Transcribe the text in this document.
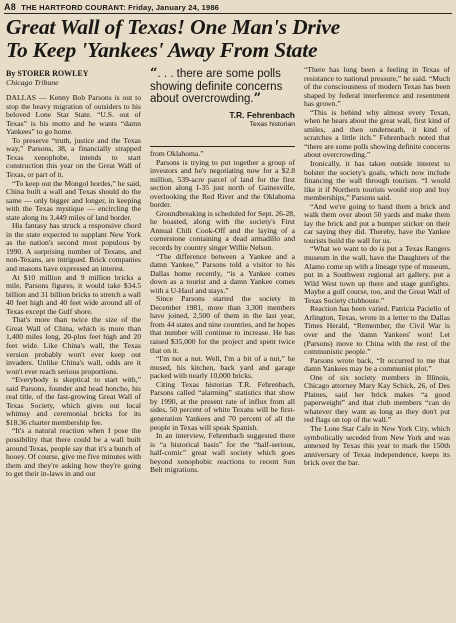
A8 THE HARTFORD COURANT: Friday, January 24, 1986
Great Wall of Texas! One Man's Drive
To Keep 'Yankees' Away From State
By STORER ROWLEY
Chicago Tribune

DALLAS — Kenny Bob Parsons is out to stop the heavy migration of outsiders to his beloved Lone Star State. “U.S. out of Texas” is his motto and he wants “damn Yankees” to go home.

To preserve “truth, justice and the Texas way,” Parsons, 38, a financially strapped Texas xenophobe, intends to start construction this year on the Great Wall of Texas, or part of it.

“To keep out the Mongol hordes,” he said, China built a wall and Texas should do the same — only bigger and longer, in keeping with the Texas mystique — encircling the state along its 3,449 miles of land border.

His fantasy has struck a responsive chord in the state expected to supplant New York as the nation's second most populous by 1990. A surprising number of Texans, and non-Texans, are intrigued. Brick companies and masons have expressed an interest.

At $10 million and 9 million bricks a mile, Parsons figures, it would take $34.5 billion and 31 billion bricks to stretch a wall 40 feet high and 40 feet wide around all of Texas except the Gulf shore.

That's more than twice the size of the Great Wall of China, which is more than 1,400 miles long, 20-plus feet high and 20 feet wide. Like China's wall, the Texas version probably won't ever keep out invaders. Unlike China's wall, odds are it won't ever reach serious proportions.

“Everybody is skeptical to start with,” said Parsons, founder and head honcho, his real title, of the fast-growing Great Wall of Texas Society, which gives out local whimsy and ceremonial bricks for its $18.36 charter membership fee.

“It's a natural reaction when I pose the possibility that there could be a wall built around Texas, people say that it's a bunch of hooey. Of course, give me five minutes with them and they're asking how they're going to get their in-laws in and out

“. . . there are some polls showing definite concerns about overcrowding.”
T.R. Fehrenbach
Texas historian

from Oklahoma.”

Parsons is trying to put together a group of investors and he's negotiating now for a $2.8 million, 539-acre parcel of land for the first section along I-35 just north of Gainesville, overlooking the Red River and the Oklahoma border.

Groundbreaking is scheduled for Sept. 26-28, he boasted, along with the society's First Annual Chili Cook-Off and the laying of a cornerstone containing a dead armadillo and records by country singer Willie Nelson.

“The difference between a Yankee and a damn Yankee,” Parsons told a visitor to his Dallas home recently, “is a Yankee comes down as a tourist and a damn Yankee comes with a U-Haul and stays.”

Since Parsons started the society in December 1981, more than 3,300 members have joined, 2,500 of them in the last year, from 44 states and nine countries, and he hopes that number will continue to increase. He has raised $35,000 for the project and spent twice that on it.

“I'm not a nut. Well, I'm a bit of a nut,” he mused, his kitchen, back yard and garage packed with nearly 10,000 bricks.

Citing Texas historian T.R. Fehrenbach, Parsons called “alarming” statistics that show by 1990, at the present rate of influx from all sides, 50 percent of white Texans will be first-generation Yankees and 70 percent of all the people in Texas will speak Spanish.

In an interview, Fehrenbach suggested there is “a historical basis” for the “half-serious, half-comic” great wall society which goes beyond xenophobic reactions to recent Sun Belt migrations.

“There has long been a feeling in Texas of resistance to national pressure,” he said. “Much of the consciousness of modern Texas has been shaped by federal interference and resentment has grown.”

“This is behind why almost every Texan, when he hears about the great wall, first kind of smiles, and then underneath, it kind of scratches a little itch.” Fehrenbach noted that “there are some polls showing definite concerns about overcrowding.”

Ironically, it has taken outside interest to bolster the society's goals, which now include financing the wall through tourism. “I would like it if Northern tourists would stop and buy memberships,” Parsons said.

“And we're going to hand them a brick and walk them over about 50 yards and make them lay the brick and put a bumper sticker on their car saying they did. Thereby, have the Yankee tourists build the wall for us.

“What we want to do is put a Texas Rangers museum in the wall, have the Daughters of the Alamo come up with a lineage type of museum, put in a Southwest regional art gallery, put a Wild West town up there and stage gunfights. Maybe a golf course, too, and the Great Wall of Texas Society clubhouse.”

Reaction has been varied. Patricia Paciello of Arlington, Texas, wrote in a letter to the Dallas Times Herald, “Remember, the Civil War is over and the 'damn Yankees' won! Let (Parsons) move to China with the rest of the communistic people.”

Parsons wrote back, “It occurred to me that damn Yankees may be a communist plot.”

One of six society members in Illinois, Chicago attorney Mary Kay Schick, 26, of Des Plaines, said her brick makes “a good paperweight” and that club members “can do whatever they want as long as they don't put red flags on top of the wall.”

The Lone Star Cafe in New York City, which symbolically seceded from New York and was annexed by Texas this year to mark the 150th anniversary of Texas independence, keeps its brick over the bar.
